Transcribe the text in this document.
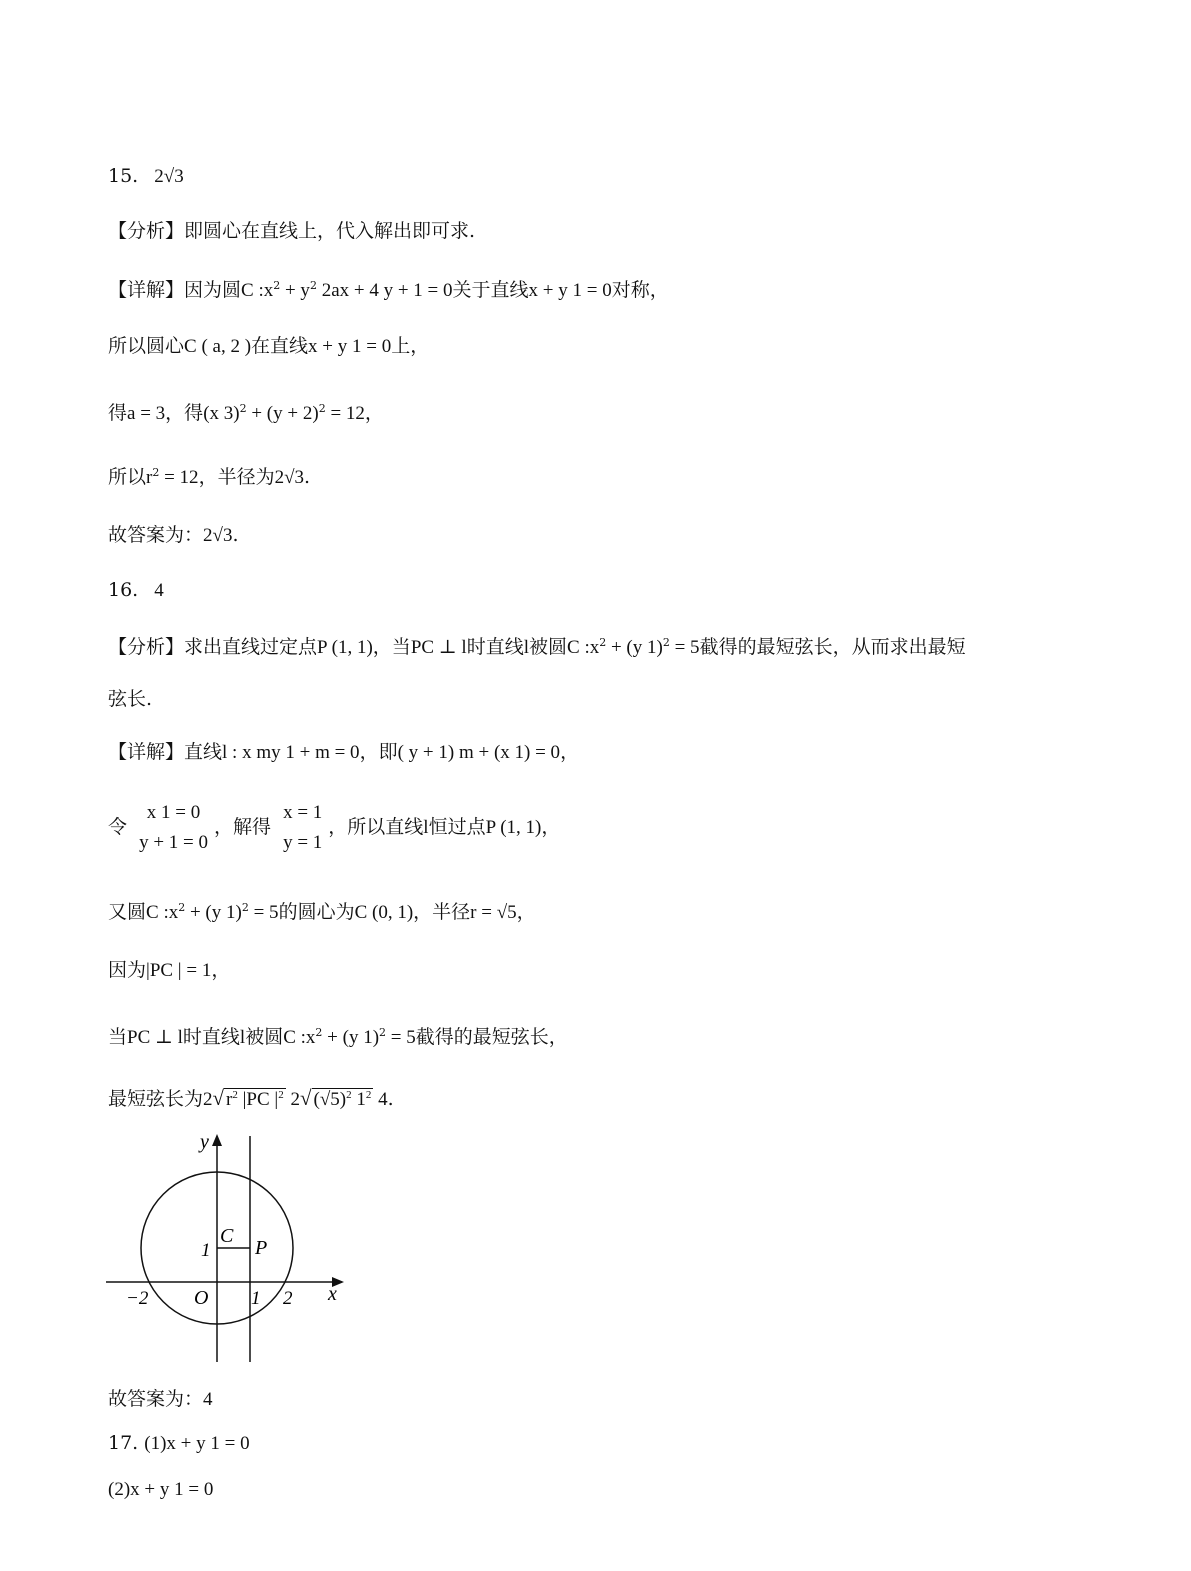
15. 2√3
【分析】即圆心在直线上，代入解出即可求.
【详解】因为圆C $:x^2 + y^2$ 2ax + 4 y + 1 = 0关于直线x + y 1 = 0对称，
所以圆心C ( a, 2 )在直线x + y 1 = 0上，
得a = 3，得(x $3)^2 + (y + 2)^2 = 12$，
所以$r^2 = 12$，半径为2√3.
故答案为：2√3.
16. 4
【分析】求出直线过定点P (1, 1)，当PC ⊥ l时直线l被圆C $:x^2 + (y$ 1)$^2$ = 5截得的最短弦长，从而求出最短
弦长.
【详解】直线l : x my 1 + m = 0，即( y + 1) m + (x 1) = 0，
令
x 1 = 0
y + 1 = 0
，解得
x = 1
y = 1
，所以直线l恒过点P (1, 1)，
又圆C $:x^2 + (y$ 1)$^2$ = 5的圆心为C (0, 1)，半径r = √5，
因为|PC | = 1，
当PC ⊥ l时直线l被圆C $:x^2 + (y$ 1)$^2$ = 5截得的最短弦长，
最短弦长为2√ $r^2$ |PC $|^2$ 2√ $(√5)^2$ $1^2$ 4.
y
x
O
C
P
1
−2	1 2
故答案为：4
17. (1)x + y 1 = 0
(2)x + y 1 = 0
